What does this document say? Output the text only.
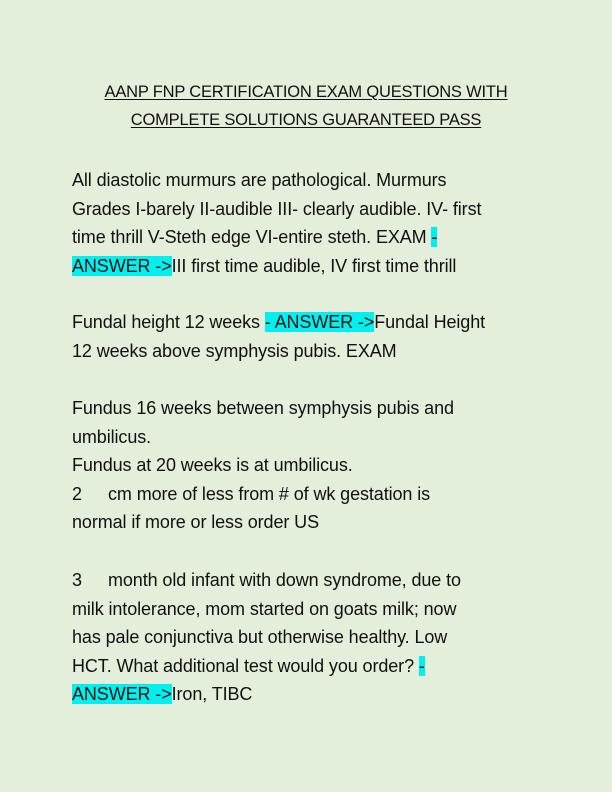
AANP FNP CERTIFICATION EXAM QUESTIONS WITH
COMPLETE SOLUTIONS GUARANTEED PASS
All diastolic murmurs are pathological. Murmurs
Grades I-barely II-audible III- clearly audible. IV- first
time thrill V-Steth edge VI-entire steth. EXAM -
ANSWER ->III first time audible, IV first time thrill
Fundal height 12 weeks - ANSWER ->Fundal Height
12 weeks above symphysis pubis. EXAM
Fundus 16 weeks between symphysis pubis and
umbilicus.
Fundus at 20 weeks is at umbilicus.
2 cm more of less from # of wk gestation is
normal if more or less order US
3 month old infant with down syndrome, due to
milk intolerance, mom started on goats milk; now
has pale conjunctiva but otherwise healthy. Low
HCT. What additional test would you order? -
ANSWER ->Iron, TIBC
